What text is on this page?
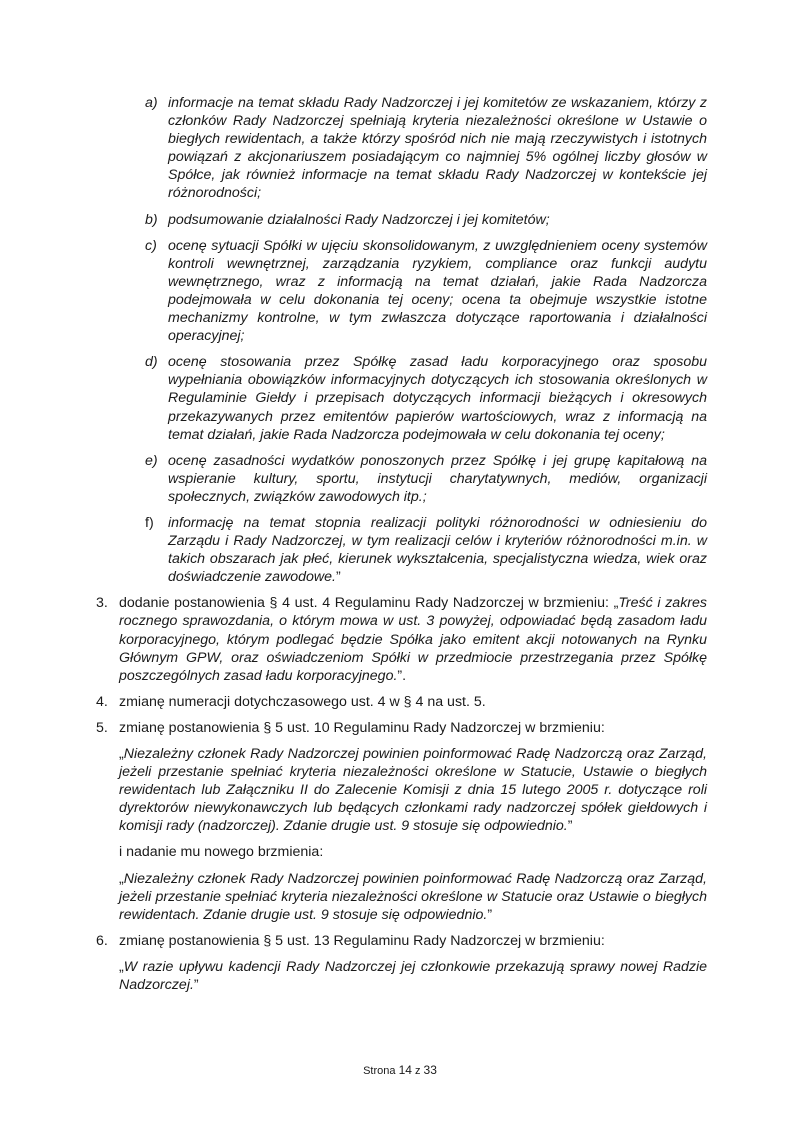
a) informacje na temat składu Rady Nadzorczej i jej komitetów ze wskazaniem, którzy z członków Rady Nadzorczej spełniają kryteria niezależności określone w Ustawie o biegłych rewidentach, a także którzy spośród nich nie mają rzeczywistych i istotnych powiązań z akcjonariuszem posiadającym co najmniej 5% ogólnej liczby głosów w Spółce, jak również informacje na temat składu Rady Nadzorczej w kontekście jej różnorodności;
b) podsumowanie działalności Rady Nadzorczej i jej komitetów;
c) ocenę sytuacji Spółki w ujęciu skonsolidowanym, z uwzględnieniem oceny systemów kontroli wewnętrznej, zarządzania ryzykiem, compliance oraz funkcji audytu wewnętrznego, wraz z informacją na temat działań, jakie Rada Nadzorcza podejmowała w celu dokonania tej oceny; ocena ta obejmuje wszystkie istotne mechanizmy kontrolne, w tym zwłaszcza dotyczące raportowania i działalności operacyjnej;
d) ocenę stosowania przez Spółkę zasad ładu korporacyjnego oraz sposobu wypełniania obowiązków informacyjnych dotyczących ich stosowania określonych w Regulaminie Giełdy i przepisach dotyczących informacji bieżących i okresowych przekazywanych przez emitentów papierów wartościowych, wraz z informacją na temat działań, jakie Rada Nadzorcza podejmowała w celu dokonania tej oceny;
e) ocenę zasadności wydatków ponoszonych przez Spółkę i jej grupę kapitałową na wspieranie kultury, sportu, instytucji charytatywnych, mediów, organizacji społecznych, związków zawodowych itp.;
f) informację na temat stopnia realizacji polityki różnorodności w odniesieniu do Zarządu i Rady Nadzorczej, w tym realizacji celów i kryteriów różnorodności m.in. w takich obszarach jak płeć, kierunek wykształcenia, specjalistyczna wiedza, wiek oraz doświadczenie zawodowe.”
3. dodanie postanowienia § 4 ust. 4 Regulaminu Rady Nadzorczej w brzmieniu: „Treść i zakres rocznego sprawozdania, o którym mowa w ust. 3 powyżej, odpowiadać będą zasadom ładu korporacyjnego, którym podlegać będzie Spółka jako emitent akcji notowanych na Rynku Głównym GPW, oraz oświadczeniom Spółki w przedmiocie przestrzegania przez Spółkę poszczególnych zasad ładu korporacyjnego.”.
4. zmianę numeracji dotychczasowego ust. 4 w § 4 na ust. 5.
5. zmianę postanowienia § 5 ust. 10 Regulaminu Rady Nadzorczej w brzmieniu:
„Niezależny członek Rady Nadzorczej powinien poinformować Radę Nadzorczą oraz Zarząd, jeżeli przestanie spełniać kryteria niezależności określone w Statucie, Ustawie o biegłych rewidentach lub Załączniku II do Zalecenie Komisji z dnia 15 lutego 2005 r. dotyczące roli dyrektorów niewykonawczych lub będących członkami rady nadzorczej spółek giełdowych i komisji rady (nadzorczej). Zdanie drugie ust. 9 stosuje się odpowiednio.”
i nadanie mu nowego brzmienia:
„Niezależny członek Rady Nadzorczej powinien poinformować Radę Nadzorczą oraz Zarząd, jeżeli przestanie spełniać kryteria niezależności określone w Statucie oraz Ustawie o biegłych rewidentach. Zdanie drugie ust. 9 stosuje się odpowiednio.”
6. zmianę postanowienia § 5 ust. 13 Regulaminu Rady Nadzorczej w brzmieniu:
„W razie upływu kadencji Rady Nadzorczej jej członkowie przekazują sprawy nowej Radzie Nadzorczej.”
Strona 14 z 33
